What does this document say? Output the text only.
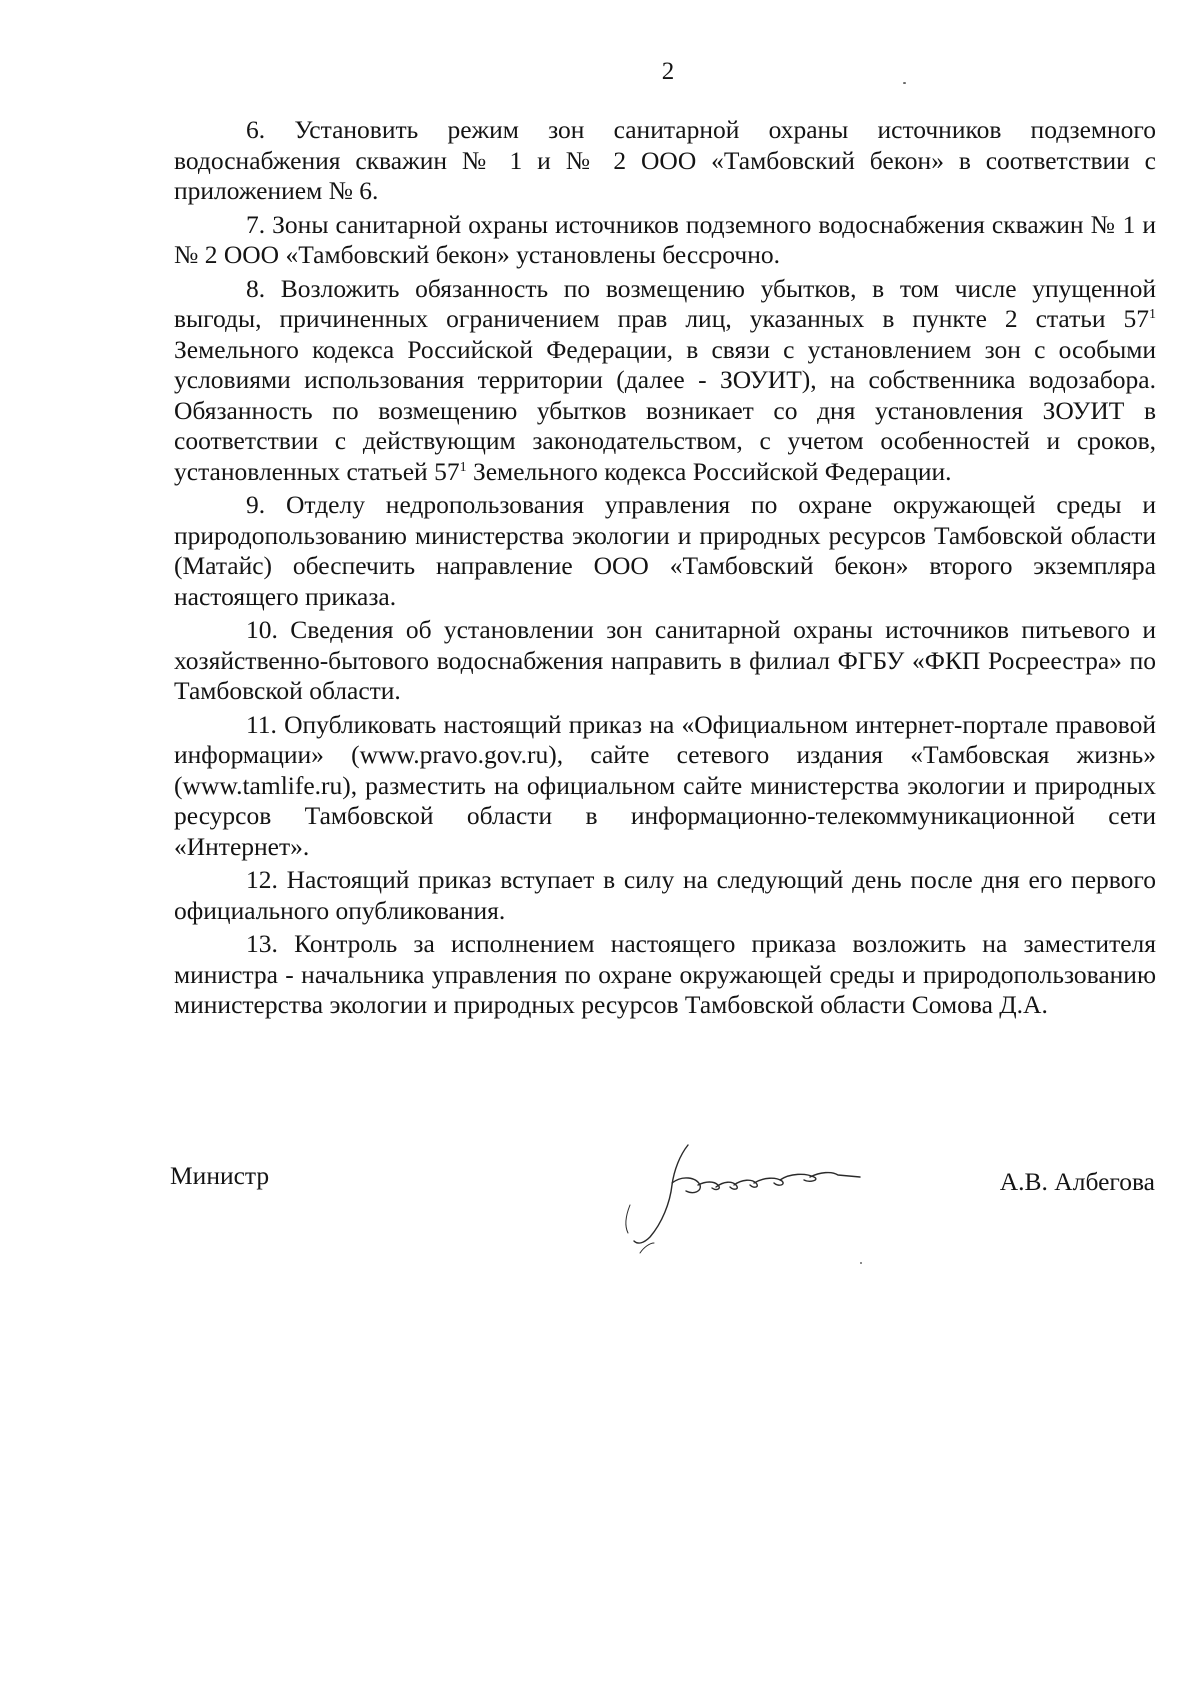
2

6. Установить режим зон санитарной охраны источников подземного водоснабжения скважин № 1 и № 2 ООО «Тамбовский бекон» в соответствии с приложением № 6.

7. Зоны санитарной охраны источников подземного водоснабжения скважин № 1 и № 2 ООО «Тамбовский бекон» установлены бессрочно.

8. Возложить обязанность по возмещению убытков, в том числе упущенной выгоды, причиненных ограничением прав лиц, указанных в пункте 2 статьи $57^1$ Земельного кодекса Российской Федерации, в связи с установлением зон с особыми условиями использования территории (далее - ЗОУИТ), на собственника водозабора. Обязанность по возмещению убытков возникает со дня установления ЗОУИТ в соответствии с действующим законодательством, с учетом особенностей и сроков, установленных статьей $57^1$ Земельного кодекса Российской Федерации.

9. Отделу недропользования управления по охране окружающей среды и природопользованию министерства экологии и природных ресурсов Тамбовской области (Матайс) обеспечить направление ООО «Тамбовский бекон» второго экземпляра настоящего приказа.

10. Сведения об установлении зон санитарной охраны источников питьевого и хозяйственно-бытового водоснабжения направить в филиал ФГБУ «ФКП Росреестра» по Тамбовской области.

11. Опубликовать настоящий приказ на «Официальном интернет-портале правовой информации» (www.pravo.gov.ru), сайте сетевого издания «Тамбовская жизнь» (www.tamlife.ru), разместить на официальном сайте министерства экологии и природных ресурсов Тамбовской области в информационно-телекоммуникационной сети «Интернет».

12. Настоящий приказ вступает в силу на следующий день после дня его первого официального опубликования.

13. Контроль за исполнением настоящего приказа возложить на заместителя министра - начальника управления по охране окружающей среды и природопользованию министерства экологии и природных ресурсов Тамбовской области Сомова Д.А.

Министр	А.В. Албегова
